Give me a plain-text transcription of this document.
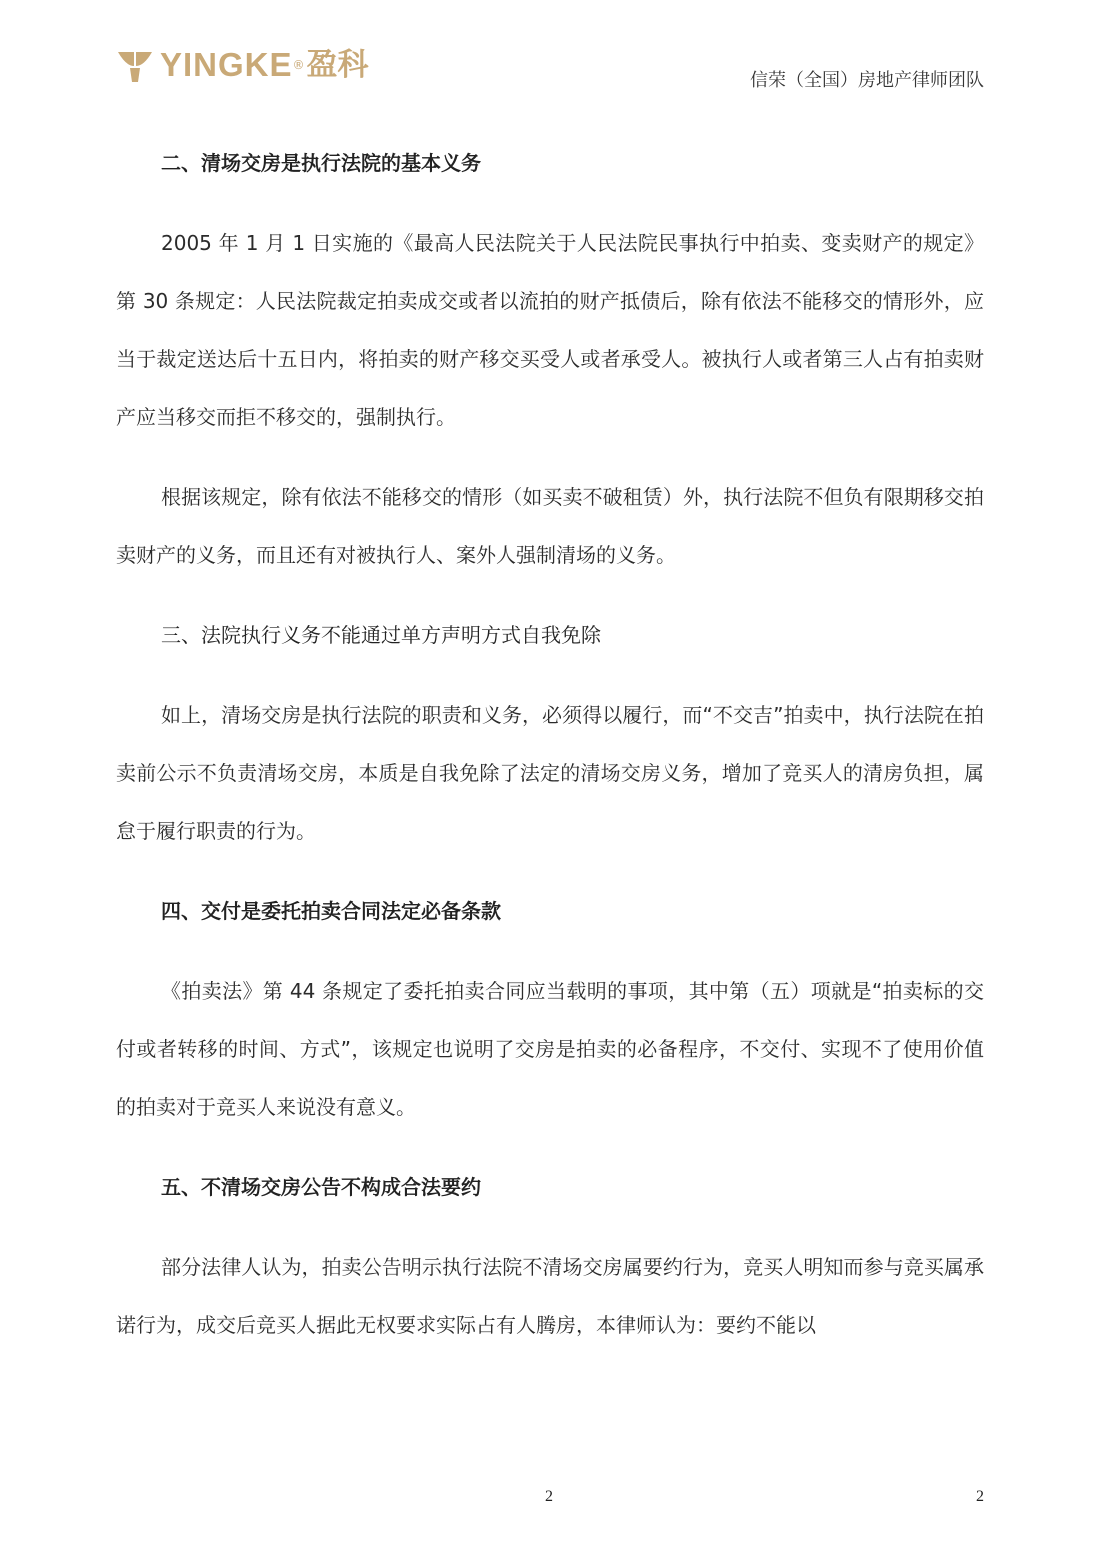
YINGKE ® 盈科	信荣（全国）房地产律师团队

二、清场交房是执行法院的基本义务

2005 年 1 月 1 日实施的《最高人民法院关于人民法院民事执行中拍卖、变卖财产的规定》第 30 条规定：人民法院裁定拍卖成交或者以流拍的财产抵债后，除有依法不能移交的情形外，应当于裁定送达后十五日内，将拍卖的财产移交买受人或者承受人。被执行人或者第三人占有拍卖财产应当移交而拒不移交的，强制执行。

根据该规定，除有依法不能移交的情形（如买卖不破租赁）外，执行法院不但负有限期移交拍卖财产的义务，而且还有对被执行人、案外人强制清场的义务。

三、法院执行义务不能通过单方声明方式自我免除

如上，清场交房是执行法院的职责和义务，必须得以履行，而“不交吉”拍卖中，执行法院在拍卖前公示不负责清场交房，本质是自我免除了法定的清场交房义务，增加了竞买人的清房负担，属怠于履行职责的行为。

四、交付是委托拍卖合同法定必备条款

《拍卖法》第 44 条规定了委托拍卖合同应当载明的事项，其中第（五）项就是“拍卖标的交付或者转移的时间、方式”，该规定也说明了交房是拍卖的必备程序，不交付、实现不了使用价值的拍卖对于竞买人来说没有意义。

五、不清场交房公告不构成合法要约

部分法律人认为，拍卖公告明示执行法院不清场交房属要约行为，竞买人明知而参与竞买属承诺行为，成交后竞买人据此无权要求实际占有人腾房，本律师认为：要约不能以

2	2
